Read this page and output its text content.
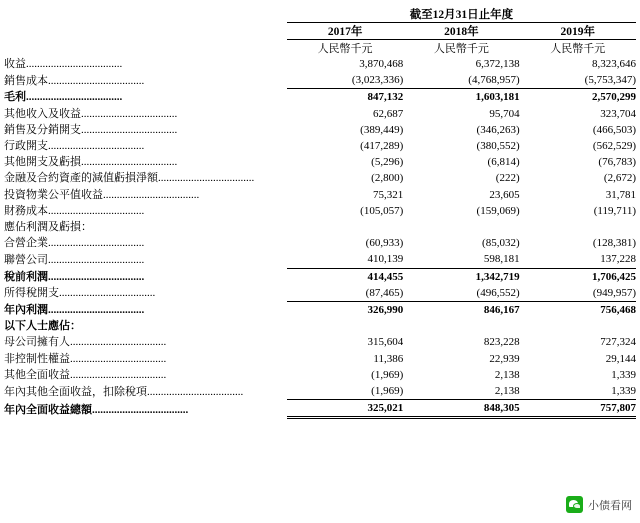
	截至12月31日止年度		
	2017年	2018年	2019年
	人民幣千元	人民幣千元	人民幣千元
收益...................................	3,870,468	6,372,138	8,323,646
銷售成本...................................	(3,023,336)	(4,768,957)	(5,753,347)
毛利...................................	847,132	1,603,181	2,570,299
其他收入及收益...................................	62,687	95,704	323,704
銷售及分銷開支...................................	(389,449)	(346,263)	(466,503)
行政開支...................................	(417,289)	(380,552)	(562,529)
其他開支及虧損...................................	(5,296)	(6,814)	(76,783)
金融及合約資產的減值虧損淨額...................................	(2,800)	(222)	(2,672)
投資物業公平值收益...................................	75,321	23,605	31,781
財務成本...................................	(105,057)	(159,069)	(119,711)
應佔利潤及虧損：			
合營企業...................................	(60,933)	(85,032)	(128,381)
聯營公司...................................	410,139	598,181	137,228
稅前利潤...................................	414,455	1,342,719	1,706,425
所得稅開支...................................	(87,465)	(496,552)	(949,957)
年內利潤...................................	326,990	846,167	756,468
以下人士應佔：			
母公司擁有人...................................	315,604	823,228	727,324
非控制性權益...................................	11,386	22,939	29,144
其他全面收益...................................	(1,969)	2,138	1,339
年內其他全面收益，扣除稅項...................................	(1,969)	2,138	1,339
年內全面收益總額...................................	325,021	848,305	757,807
小债看网
